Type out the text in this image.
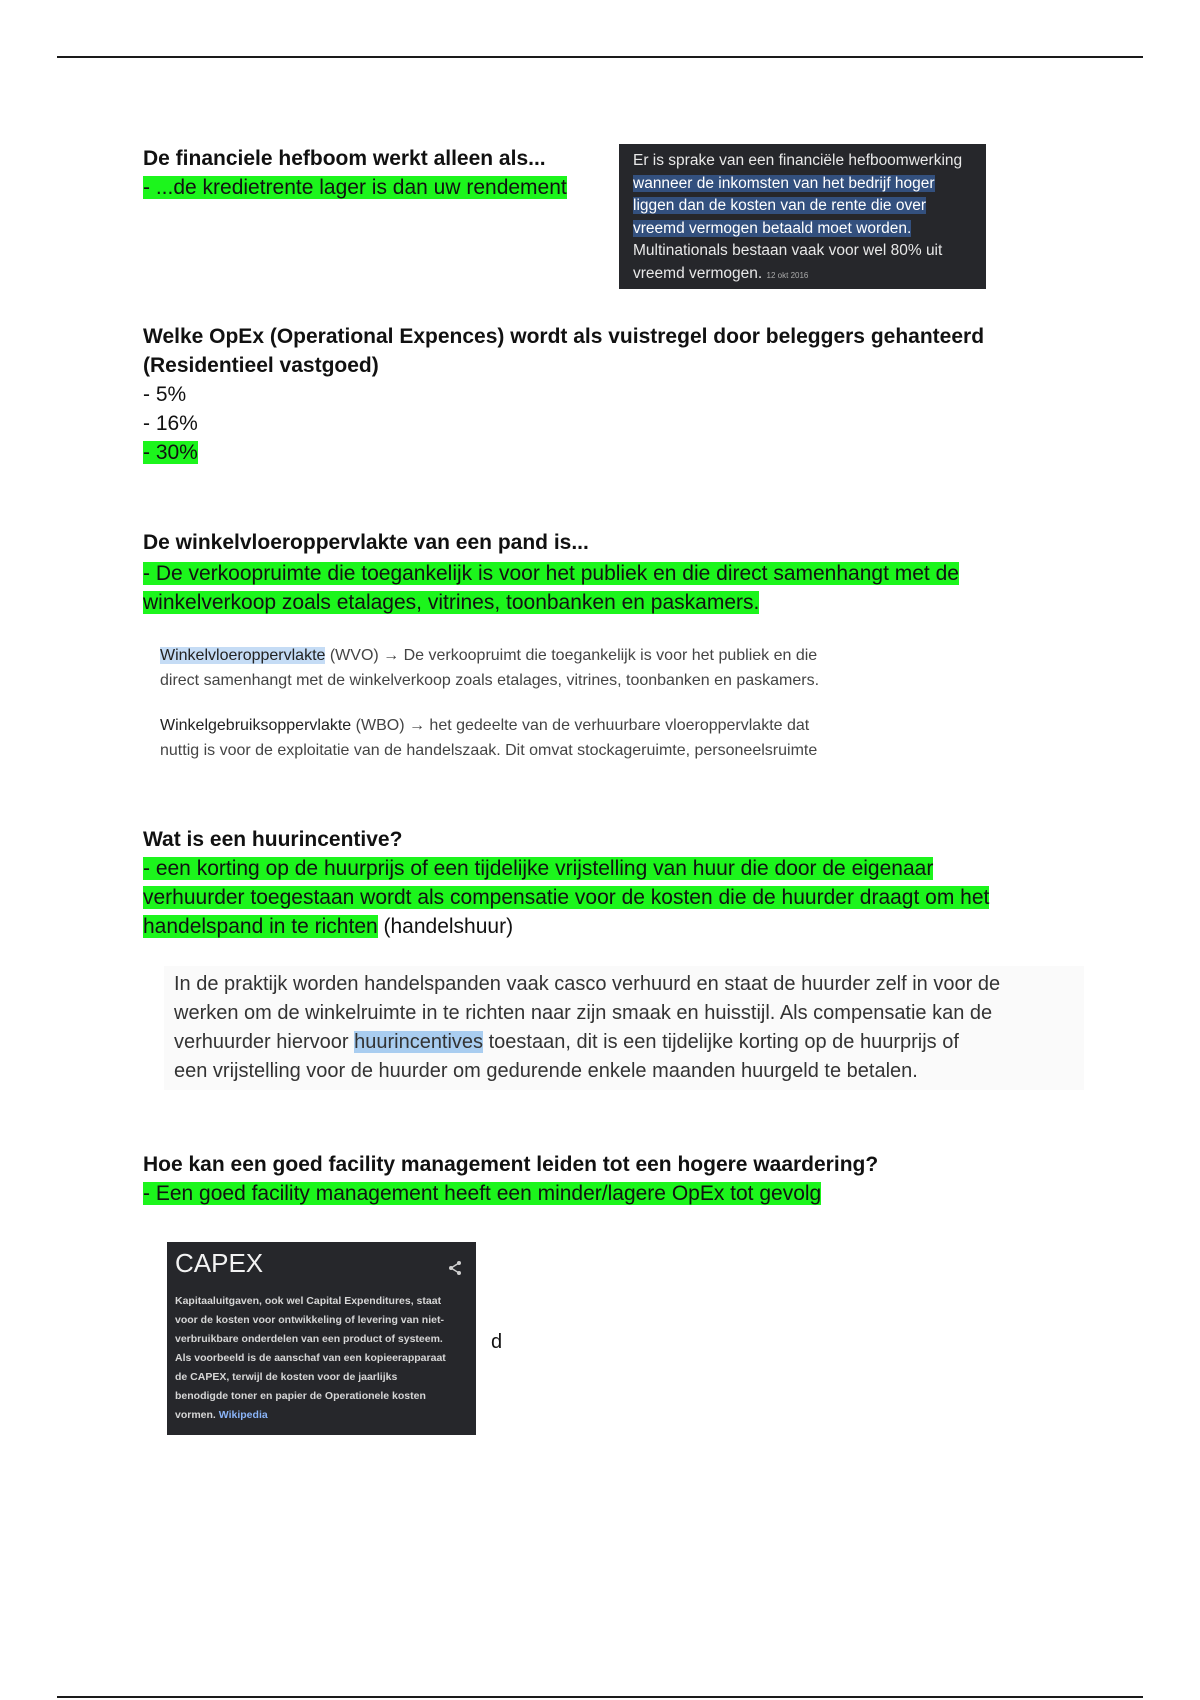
De financiele hefboom werkt alleen als...

- ...de kredietrente lager is dan uw rendement

Er is sprake van een financiële hefboomwerking
wanneer de inkomsten van het bedrijf hoger
liggen dan de kosten van de rente die over
vreemd vermogen betaald moet worden.
Multinationals bestaan vaak voor wel 80% uit
vreemd vermogen. 12 okt 2016

Welke OpEx (Operational Expences) wordt als vuistregel door beleggers gehanteerd

(Residentieel vastgoed)

- 5%

- 16%

- 30%

De winkelvloeroppervlakte van een pand is...

- De verkoopruimte die toegankelijk is voor het publiek en die direct samenhangt met de

winkelverkoop zoals etalages, vitrines, toonbanken en paskamers.

Winkelvloeroppervlakte (WVO) → De verkoopruimt die toegankelijk is voor het publiek en die
direct samenhangt met de winkelverkoop zoals etalages, vitrines, toonbanken en paskamers.
Winkelgebruiksoppervlakte (WBO) → het gedeelte van de verhuurbare vloeroppervlakte dat
nuttig is voor de exploitatie van de handelszaak. Dit omvat stockageruimte, personeelsruimte

Wat is een huurincentive?

- een korting op de huurprijs of een tijdelijke vrijstelling van huur die door de eigenaar

verhuurder toegestaan wordt als compensatie voor de kosten die de huurder draagt om het

handelspand in te richten (handelshuur)

In de praktijk worden handelspanden vaak casco verhuurd en staat de huurder zelf in voor de
werken om de winkelruimte in te richten naar zijn smaak en huisstijl. Als compensatie kan de
verhuurder hiervoor huurincentives toestaan, dit is een tijdelijke korting op de huurprijs of
een vrijstelling voor de huurder om gedurende enkele maanden huurgeld te betalen.

Hoe kan een goed facility management leiden tot een hogere waardering?

- Een goed facility management heeft een minder/lagere OpEx tot gevolg

CAPEX
Kapitaaluitgaven, ook wel Capital Expenditures, staat
voor de kosten voor ontwikkeling of levering van niet-
verbruikbare onderdelen van een product of systeem.
Als voorbeeld is de aanschaf van een kopieerapparaat
de CAPEX, terwijl de kosten voor de jaarlijks
benodigde toner en papier de Operationele kosten
vormen. Wikipedia
d
